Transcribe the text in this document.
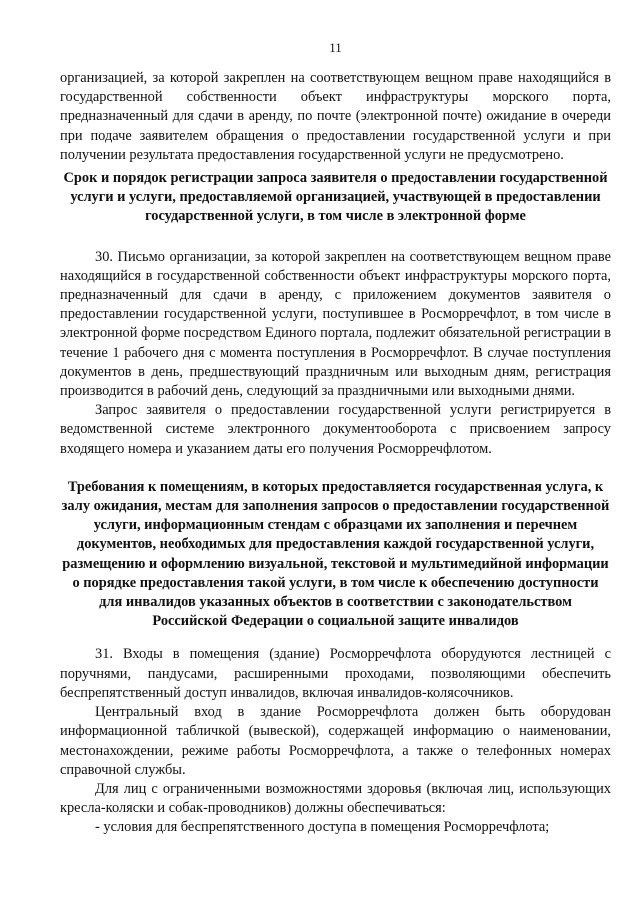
11

организацией, за которой закреплен на соответствующем вещном праве находящийся в государственной собственности объект инфраструктуры морского порта, предназначенный для сдачи в аренду, по почте (электронной почте) ожидание в очереди при подаче заявителем обращения о предоставлении государственной услуги и при получении результата предоставления государственной услуги не предусмотрено.

Срок и порядок регистрации запроса заявителя о предоставлении государственной услуги и услуги, предоставляемой организацией, участвующей в предоставлении государственной услуги, в том числе в электронной форме

30. Письмо организации, за которой закреплен на соответствующем вещном праве находящийся в государственной собственности объект инфраструктуры морского порта, предназначенный для сдачи в аренду, с приложением документов заявителя о предоставлении государственной услуги, поступившее в Росморречфлот, в том числе в электронной форме посредством Единого портала, подлежит обязательной регистрации в течение 1 рабочего дня с момента поступления в Росморречфлот. В случае поступления документов в день, предшествующий праздничным или выходным дням, регистрация производится в рабочий день, следующий за праздничными или выходными днями.

Запрос заявителя о предоставлении государственной услуги регистрируется в ведомственной системе электронного документооборота с присвоением запросу входящего номера и указанием даты его получения Росморречфлотом.

Требования к помещениям, в которых предоставляется государственная услуга, к залу ожидания, местам для заполнения запросов о предоставлении государственной услуги, информационным стендам с образцами их заполнения и перечнем документов, необходимых для предоставления каждой государственной услуги, размещению и оформлению визуальной, текстовой и мультимедийной информации о порядке предоставления такой услуги, в том числе к обеспечению доступности для инвалидов указанных объектов в соответствии с законодательством Российской Федерации о социальной защите инвалидов

31. Входы в помещения (здание) Росморречфлота оборудуются лестницей с поручнями, пандусами, расширенными проходами, позволяющими обеспечить беспрепятственный доступ инвалидов, включая инвалидов-колясочников.

Центральный вход в здание Росморречфлота должен быть оборудован информационной табличкой (вывеской), содержащей информацию о наименовании, местонахождении, режиме работы Росморречфлота, а также о телефонных номерах справочной службы.

Для лиц с ограниченными возможностями здоровья (включая лиц, использующих кресла-коляски и собак-проводников) должны обеспечиваться:

- условия для беспрепятственного доступа в помещения Росморречфлота;
